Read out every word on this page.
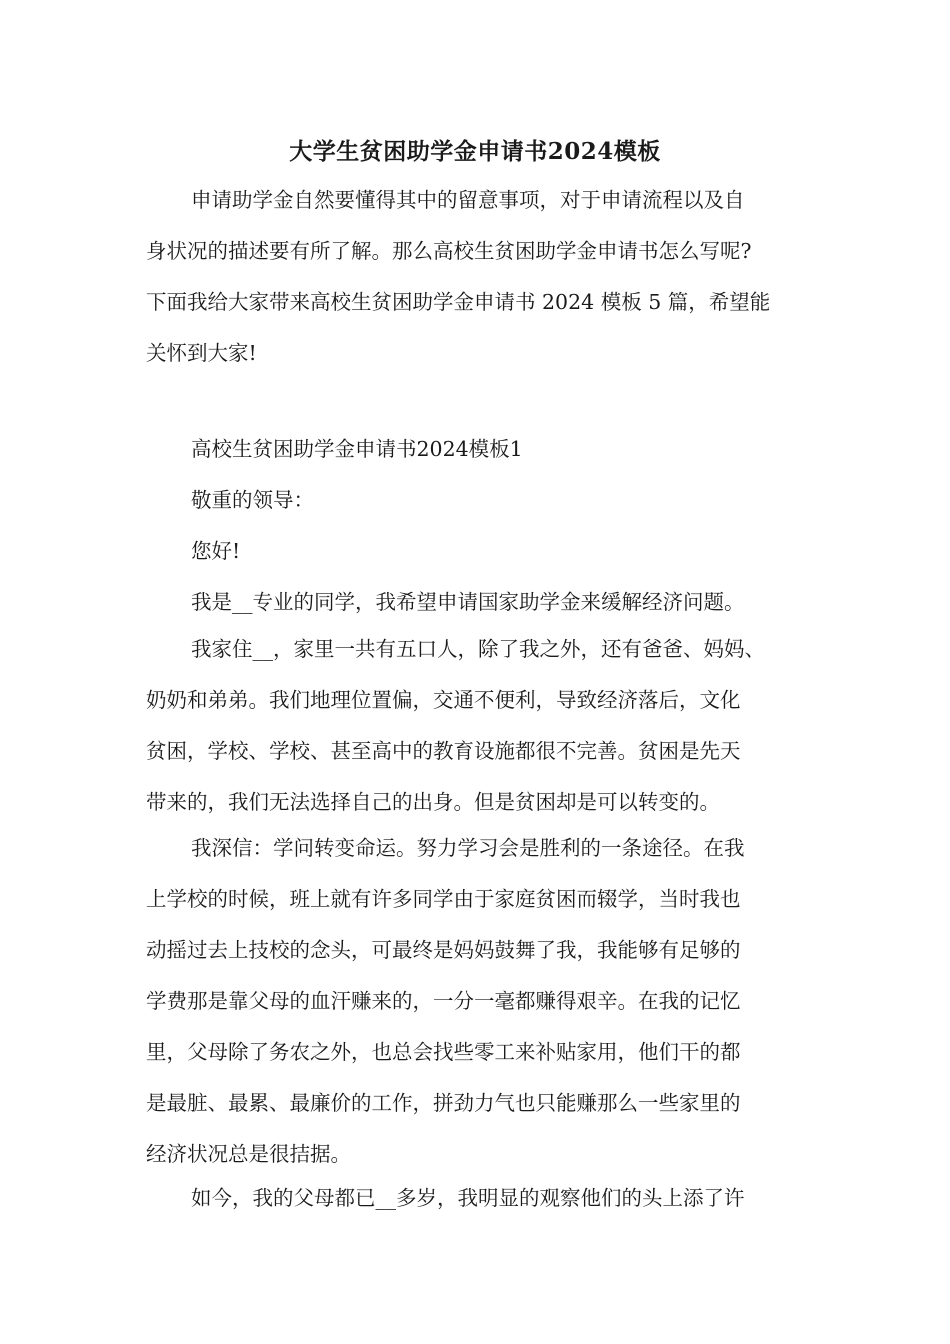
大学生贫困助学金申请书2024模板
申请助学金自然要懂得其中的留意事项，对于申请流程以及自
身状况的描述要有所了解。那么高校生贫困助学金申请书怎么写呢?
下面我给大家带来高校生贫困助学金申请书 2024 模板 5 篇，希望能
关怀到大家!
高校生贫困助学金申请书2024模板1
敬重的领导：
您好!
我是__专业的同学，我希望申请国家助学金来缓解经济问题。
我家住__，家里一共有五口人，除了我之外，还有爸爸、妈妈、
奶奶和弟弟。我们地理位置偏，交通不便利，导致经济落后，文化
贫困，学校、学校、甚至高中的教育设施都很不完善。贫困是先天
带来的，我们无法选择自己的出身。但是贫困却是可以转变的。
我深信：学问转变命运。努力学习会是胜利的一条途径。在我
上学校的时候，班上就有许多同学由于家庭贫困而辍学，当时我也
动摇过去上技校的念头，可最终是妈妈鼓舞了我，我能够有足够的
学费那是靠父母的血汗赚来的，一分一毫都赚得艰辛。在我的记忆
里，父母除了务农之外，也总会找些零工来补贴家用，他们干的都
是最脏、最累、最廉价的工作，拼劲力气也只能赚那么一些家里的
经济状况总是很拮据。
如今，我的父母都已__多岁，我明显的观察他们的头上添了许
